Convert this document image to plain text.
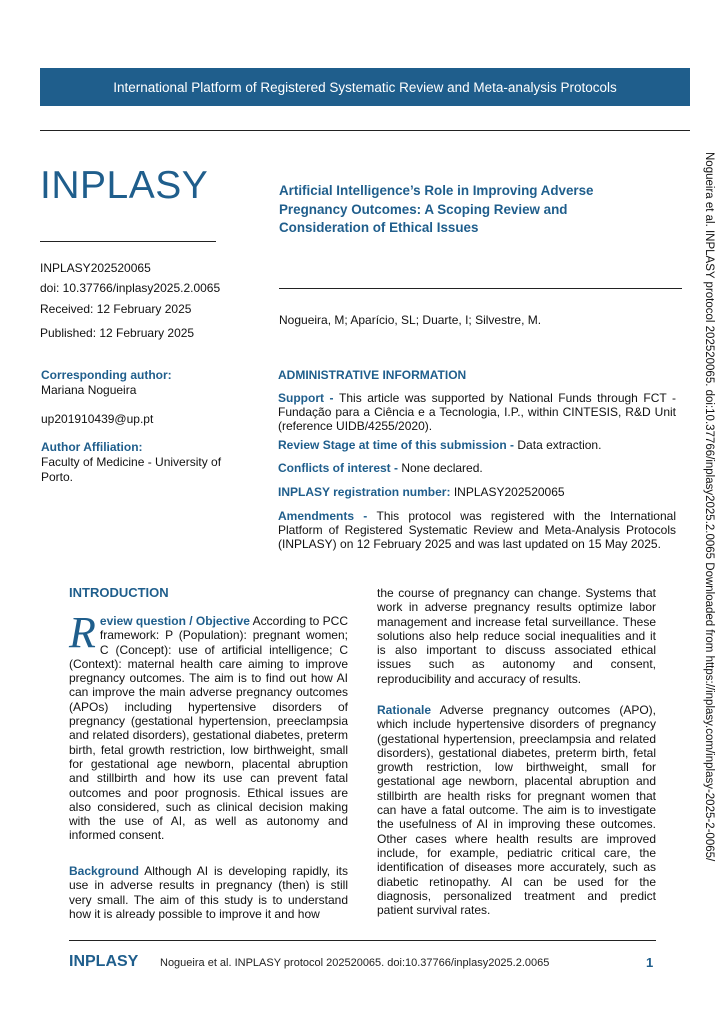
International Platform of Registered Systematic Review and Meta-analysis Protocols
INPLASY
INPLASY202520065
doi: 10.37766/inplasy2025.2.0065
Received: 12 February 2025
Published: 12 February 2025
Artificial Intelligence’s Role in Improving Adverse Pregnancy Outcomes: A Scoping Review and Consideration of Ethical Issues
Nogueira, M; Aparício, SL; Duarte, I; Silvestre, M.
Corresponding author:
Mariana Nogueira
up201910439@up.pt
Author Affiliation:
Faculty of Medicine - University of Porto.
ADMINISTRATIVE INFORMATION
Support - This article was supported by National Funds through FCT - Fundação para a Ciência e a Tecnologia, I.P., within CINTESIS, R&D Unit (reference UIDB/4255/2020).
Review Stage at time of this submission - Data extraction.
Conflicts of interest - None declared.
INPLASY registration number: INPLASY202520065
Amendments - This protocol was registered with the International Platform of Registered Systematic Review and Meta-Analysis Protocols (INPLASY) on 12 February 2025 and was last updated on 15 May 2025.
INTRODUCTION
Review question / Objective According to PCC framework: P (Population): pregnant women; C (Concept): use of artificial intelligence; C (Context): maternal health care aiming to improve pregnancy outcomes. The aim is to find out how AI can improve the main adverse pregnancy outcomes (APOs) including hypertensive disorders of pregnancy (gestational hypertension, preeclampsia and related disorders), gestational diabetes, preterm birth, fetal growth restriction, low birthweight, small for gestational age newborn, placental abruption and stillbirth and how its use can prevent fatal outcomes and poor prognosis. Ethical issues are also considered, such as clinical decision making with the use of AI, as well as autonomy and informed consent.
Background Although AI is developing rapidly, its use in adverse results in pregnancy (then) is still very small. The aim of this study is to understand how it is already possible to improve it and how
the course of pregnancy can change. Systems that work in adverse pregnancy results optimize labor management and increase fetal surveillance. These solutions also help reduce social inequalities and it is also important to discuss associated ethical issues such as autonomy and consent, reproducibility and accuracy of results.
Rationale Adverse pregnancy outcomes (APO), which include hypertensive disorders of pregnancy (gestational hypertension, preeclampsia and related disorders), gestational diabetes, preterm birth, fetal growth restriction, low birthweight, small for gestational age newborn, placental abruption and stillbirth are health risks for pregnant women that can have a fatal outcome. The aim is to investigate the usefulness of AI in improving these outcomes. Other cases where health results are improved include, for example, pediatric critical care, the identification of diseases more accurately, such as diabetic retinopathy. AI can be used for the diagnosis, personalized treatment and predict patient survival rates.
Nogueira et al. INPLASY protocol 202520065. doi:10.37766/inplasy2025.2.0065 Downloaded from https://inplasy.com/inplasy-2025-2-0065/
INPLASY Nogueira et al. INPLASY protocol 202520065. doi:10.37766/inplasy2025.2.0065	1
